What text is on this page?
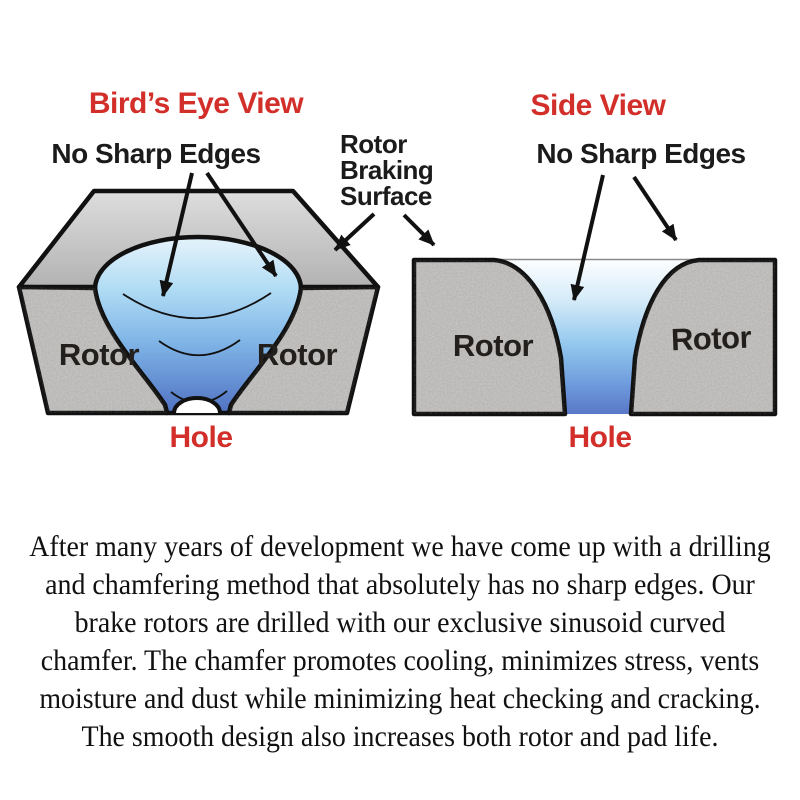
Bird’s Eye View	Side View
No Sharp Edges	No Sharp Edges
Rotor
Braking
Surface
Rotor	Rotor
Hole
Rotor	Rotor
Hole
After many years of development we have come up with a drilling
and chamfering method that absolutely has no sharp edges. Our
brake rotors are drilled with our exclusive sinusoid curved
chamfer. The chamfer promotes cooling, minimizes stress, vents
moisture and dust while minimizing heat checking and cracking.
The smooth design also increases both rotor and pad life.
